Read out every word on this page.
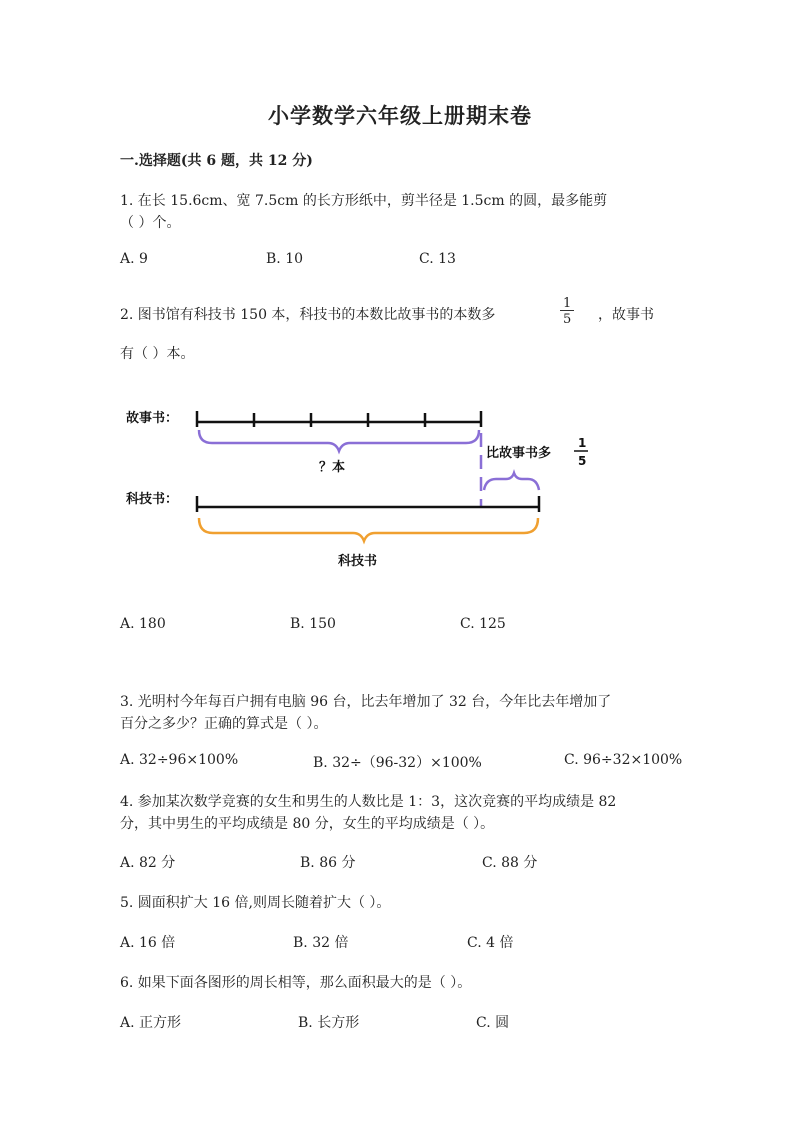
小学数学六年级上册期末卷
一.选择题(共 6 题，共 12 分)
1. 在长 15.6cm、宽 7.5cm 的长方形纸中，剪半径是 1.5cm 的圆，最多能剪
（ ）个。
A. 9	B. 10	C. 13
2. 图书馆有科技书 150 本，科技书的本数比故事书的本数多	$\frac{1}{5}$ ，故事书
有（ ）本。
故事书：
？本
比故事书多
1
5
科技书：
科技书
A. 180	B. 150	C. 125
3. 光明村今年每百户拥有电脑 96 台，比去年增加了 32 台，今年比去年增加了
百分之多少？正确的算式是（ ）。
A. 32÷96×100%	B. 32÷（96-32）×100%	C. 96÷32×100%
4. 参加某次数学竞赛的女生和男生的人数比是 1：3，这次竞赛的平均成绩是 82
分，其中男生的平均成绩是 80 分，女生的平均成绩是（ ）。
A. 82 分	B. 86 分	C. 88 分
5. 圆面积扩大 16 倍,则周长随着扩大（ ）。
A. 16 倍	B. 32 倍	C. 4 倍
6. 如果下面各图形的周长相等，那么面积最大的是（ ）。
A. 正方形	B. 长方形	C. 圆
